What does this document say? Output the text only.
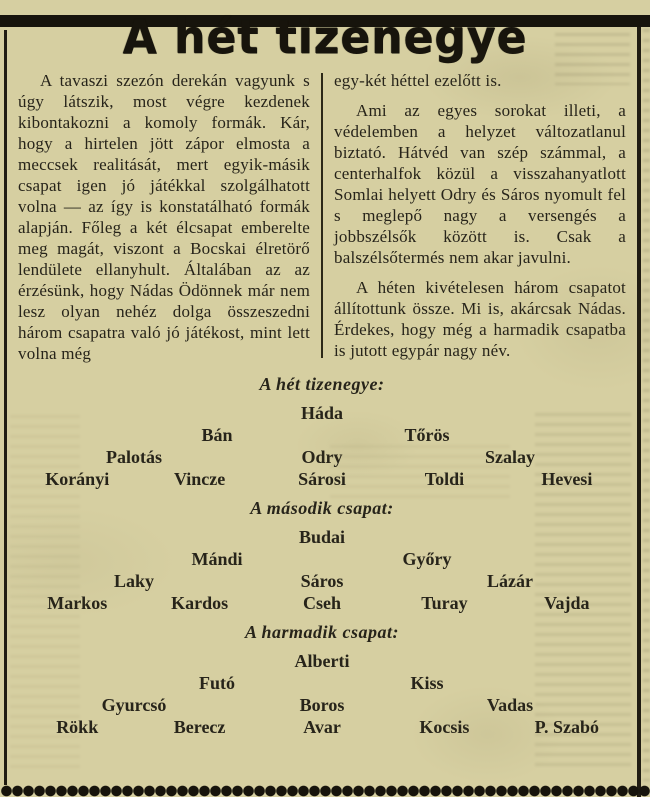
A hét tizenegye

A tavaszi szezón derekán vagyunk s úgy látszik, most végre kezdenek kibontakozni a komoly formák. Kár, hogy a hirtelen jött zápor elmosta a meccsek realitását, mert egyik-másik csapat igen jó játékkal szolgálhatott volna — az így is konstatálható formák alapján. Főleg a két élcsapat emberelte meg magát, viszont a Bocskai élretörő lendülete ellanyhult. Általában az az érzésünk, hogy Nádas Ödönnek már nem lesz olyan nehéz dolga összeszedni három csapatra való jó játékost, mint lett volna még

egy-két héttel ezelőtt is.

Ami az egyes sorokat illeti, a védelemben a helyzet változatlanul biztató. Hátvéd van szép számmal, a centerhalfok közül a visszahanyatlott Somlai helyett Odry és Sáros nyomult fel s meglepő nagy a versengés a jobbszélsők között is. Csak a balszélsőtermés nem akar javulni.

A héten kivételesen három csapatot állítottunk össze. Mi is, akárcsak Nádas. Érdekes, hogy még a harmadik csapatba is jutott egypár nagy név.

A hét tizenegye:
Háda
Bán	Tőrös
Palotás	Odry	Szalay
Korányi	Vincze	Sárosi	Toldi	Hevesi
A második csapat:
Budai
Mándi	Győry
Laky	Sáros	Lázár
Markos	Kardos	Cseh	Turay	Vajda
A harmadik csapat:
Alberti
Futó	Kiss
Gyurcsó	Boros	Vadas
Rökk	Berecz	Avar	Kocsis	P. Szabó
